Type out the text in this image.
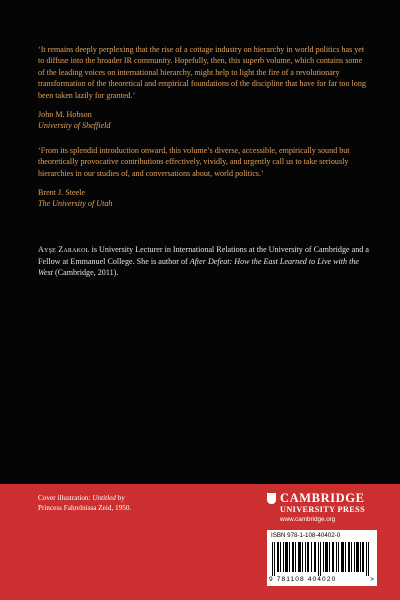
‘It remains deeply perplexing that the rise of a cottage industry on hierarchy in world politics has yet to diffuse into the broader IR community. Hopefully, then, this superb volume, which contains some of the leading voices on international hierarchy, might help to light the fire of a revolutionary transformation of the theoretical and empirical foundations of the discipline that have for far too long been taken lazily for granted.’

John M. Hobson
University of Sheffield

‘From its splendid introduction onward, this volume’s diverse, accessible, empirically sound but theoretically provocative contributions effectively, vividly, and urgently call us to take seriously hierarchies in our studies of, and conversations about, world politics.’

Brent J. Steele
The University of Utah

Ayşe Zarakol is University Lecturer in International Relations at the University of Cambridge and a Fellow at Emmanuel College. She is author of After Defeat: How the East Learned to Live with the West (Cambridge, 2011).

Cover illustration: Untitled by
Princess Fahrelnissa Zeid, 1950.
CAMBRIDGE
UNIVERSITY PRESS
www.cambridge.org
ISBN 978-1-108-40402-0
9 781108 404020	>
